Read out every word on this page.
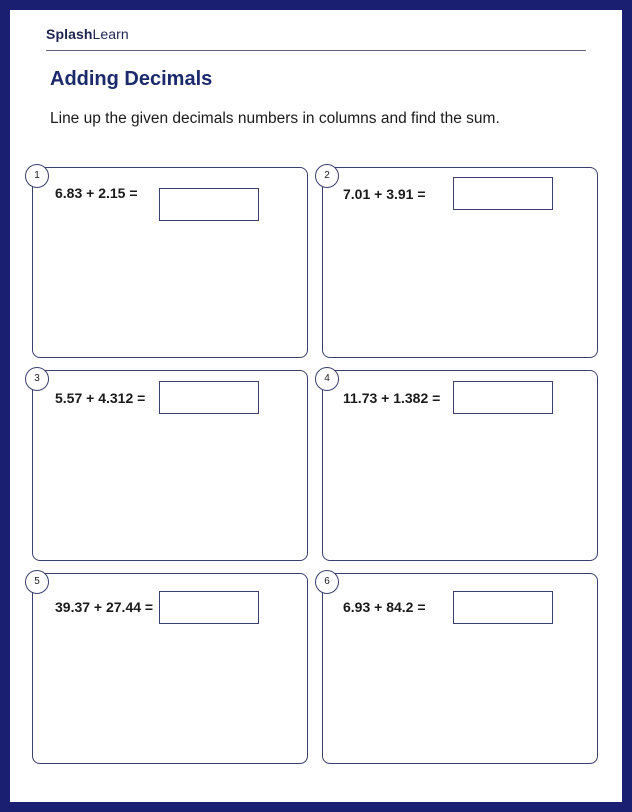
SplashLearn
Adding Decimals
Line up the given decimals numbers in columns and find the sum.
1
6.83 + 2.15 =
2
7.01 + 3.91 =
3
5.57 + 4.312 =
4
11.73 + 1.382 =
5
39.37 + 27.44 =
6
6.93 + 84.2 =
